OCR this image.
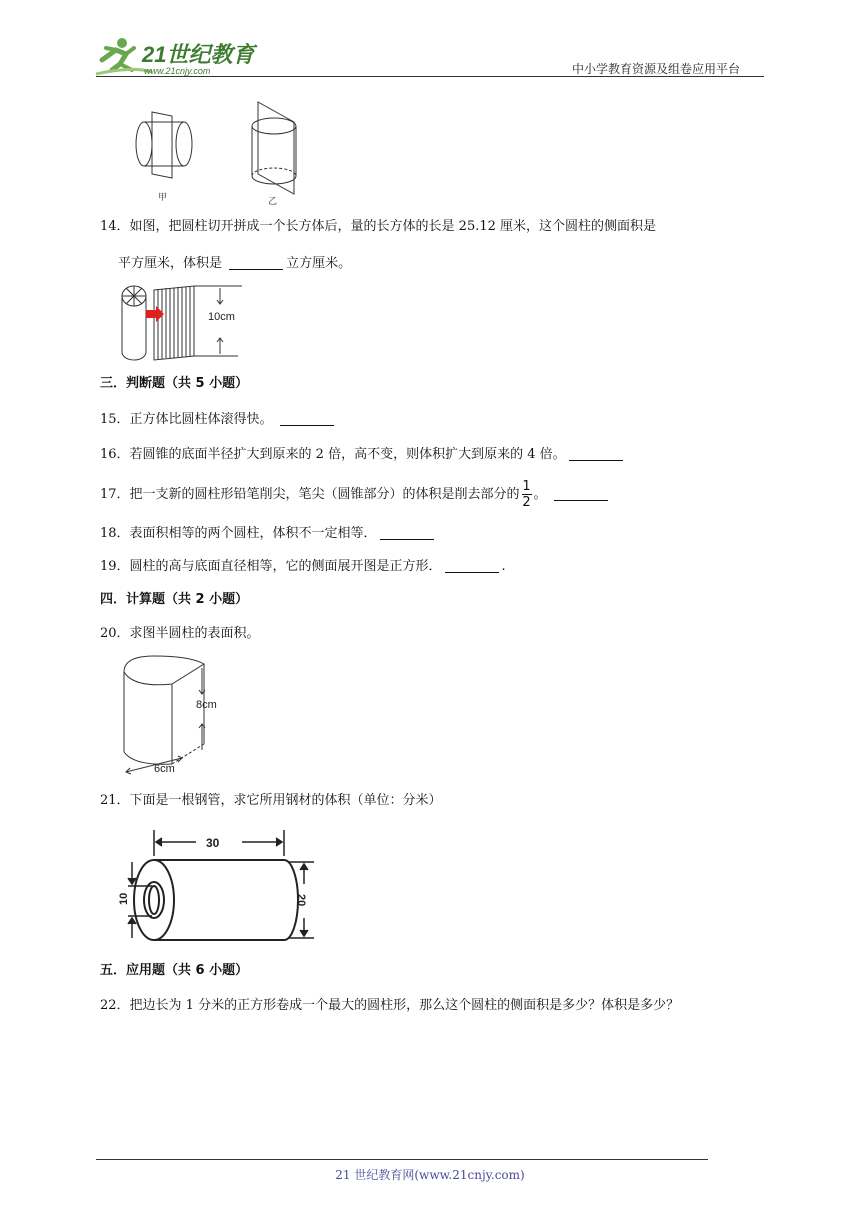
21世纪教育
www.21cnjy.com	中小学教育资源及组卷应用平台
甲	乙
14．如图，把圆柱切开拼成一个长方体后，量的长方体的长是 25.12 厘米，这个圆柱的侧面积是
平方厘米，体积是	立方厘米。
10cm
三．判断题（共 5 小题）
15．正方体比圆柱体滚得快。
16．若圆锥的底面半径扩大到原来的 2 倍，高不变，则体积扩大到原来的 4 倍。
17．把一支新的圆柱形铅笔削尖，笔尖（圆锥部分）的体积是削去部分的 $\frac{1}{2}$ 。
18．表面积相等的两个圆柱，体积不一定相等．
19．圆柱的高与底面直径相等，它的侧面展开图是正方形．	.
四．计算题（共 2 小题）
20．求图半圆柱的表面积。
8cm
6cm
21．下面是一根钢管，求它所用钢材的体积（单位：分米）
30
10	20
五．应用题（共 6 小题）
22．把边长为 1 分米的正方形卷成一个最大的圆柱形，那么这个圆柱的侧面积是多少？体积是多少？
21 世纪教育网(www.21cnjy.com)
